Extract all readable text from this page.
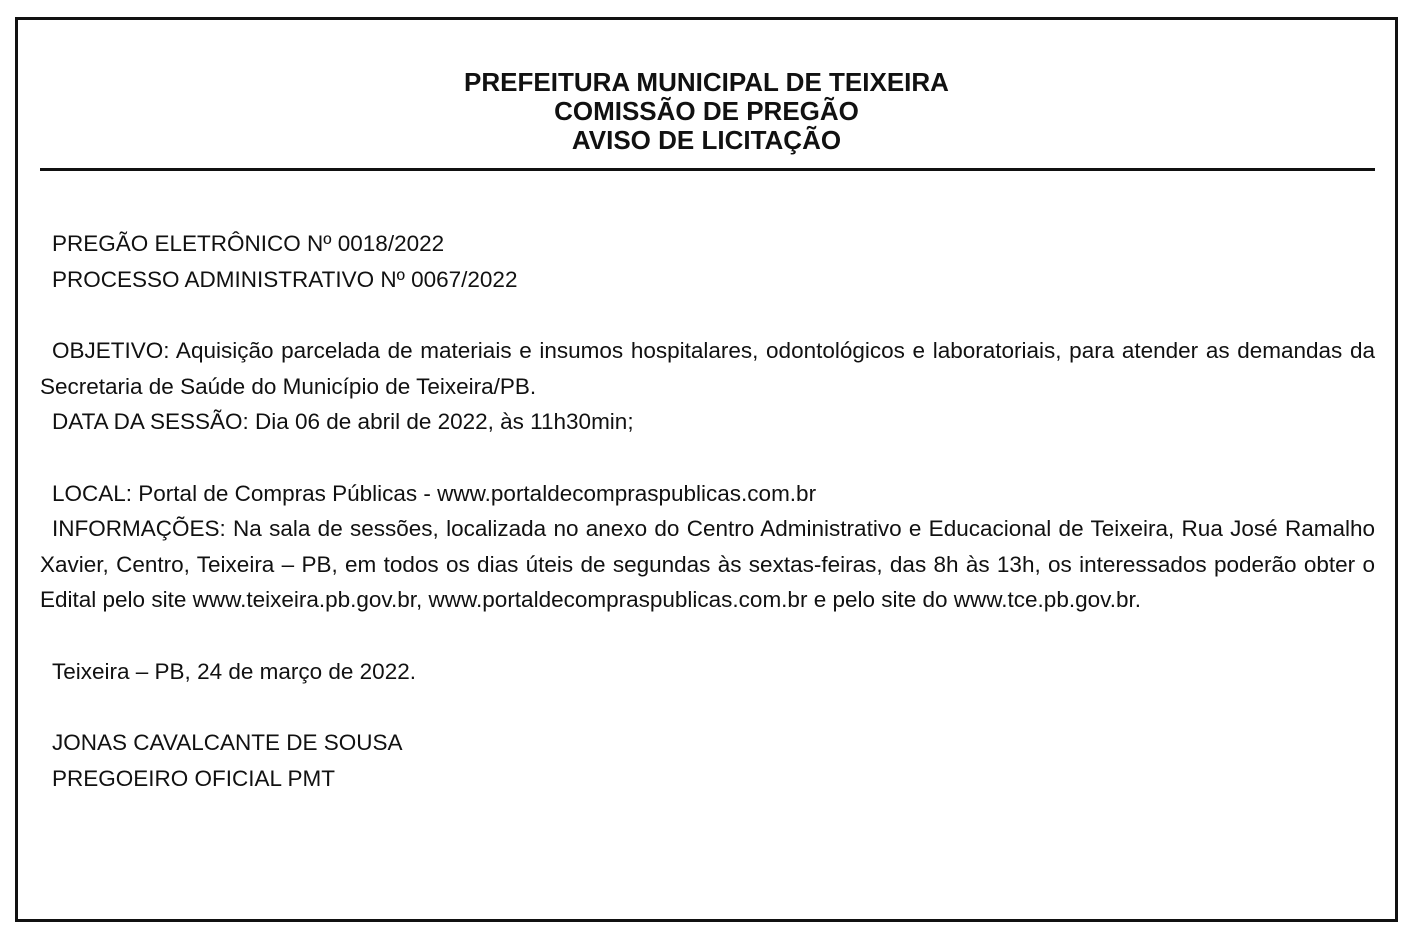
PREFEITURA MUNICIPAL DE TEIXEIRA
COMISSÃO DE PREGÃO
AVISO DE LICITAÇÃO

PREGÃO ELETRÔNICO Nº 0018/2022

PROCESSO ADMINISTRATIVO Nº 0067/2022

OBJETIVO: Aquisição parcelada de materiais e insumos hospitalares, odontológicos e laboratoriais, para atender as demandas da Secretaria de Saúde do Município de Teixeira/PB.

DATA DA SESSÃO: Dia 06 de abril de 2022, às 11h30min;

LOCAL: Portal de Compras Públicas - www.portaldecompraspublicas.com.br

INFORMAÇÕES: Na sala de sessões, localizada no anexo do Centro Administrativo e Educacional de Teixeira, Rua José Ramalho Xavier, Centro, Teixeira – PB, em todos os dias úteis de segundas às sextas-feiras, das 8h às 13h, os interessados poderão obter o Edital pelo site www.teixeira.pb.gov.br, www.portaldecompraspublicas.com.br e pelo site do www.tce.pb.gov.br.

Teixeira – PB, 24 de março de 2022.

JONAS CAVALCANTE DE SOUSA

PREGOEIRO OFICIAL PMT
